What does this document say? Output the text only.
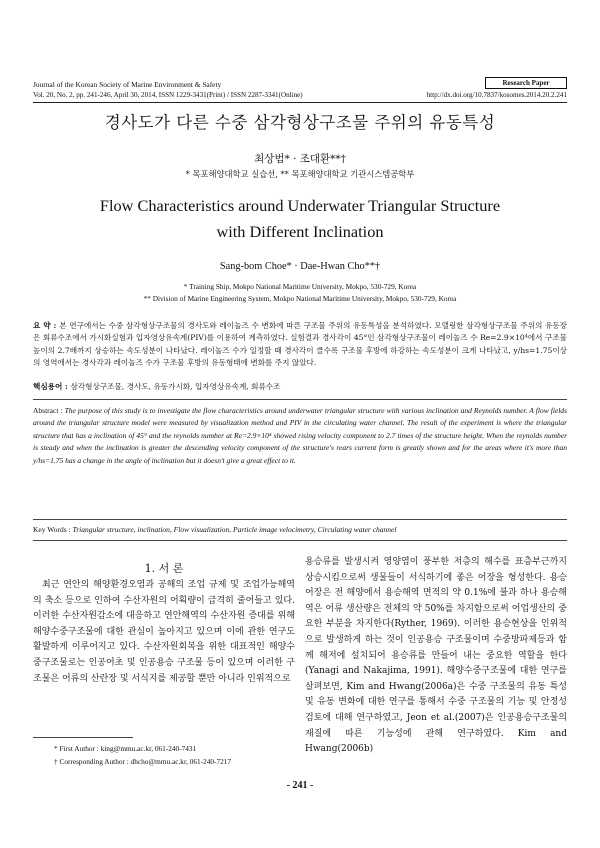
Journal of the Korean Society of Marine Environment & Safety
Vol. 20, No. 2, pp. 241-246, April 30, 2014, ISSN 1229-3431(Print) / ISSN 2287-3341(Online)	http://dx.doi.org/10.7837/kosomes.2014.20.2.241
Research Paper
경사도가 다른 수중 삼각형상구조물 주위의 유동특성
최상범* · 조대환**†
* 목포해양대학교 실습선, ** 목포해양대학교 기관시스템공학부
Flow Characteristics around Underwater Triangular Structure
with Different Inclination
Sang-bom Choe* · Dae-Hwan Cho**†
* Training Ship, Mokpo National Maritime University, Mokpo, 530-729, Korea
** Division of Marine Engineering System, Mokpo National Maritime University, Mokpo, 530-729, Korea
요 약 : 본 연구에서는 수중 삼각형상구조물의 경사도와 레이놀즈 수 변화에 따른 구조물 주위의 유동특성을 분석하였다. 모델링한 삼각형상구조물 주위의 유동장은 회류수조에서 가시화실험과 입자영상유속계(PIV)를 이용하여 계측하였다. 실험결과 경사각이 45°인 삼각형상구조물이 레이놀즈 수 Re=2.9×10⁴에서 구조물 높이의 2.7배까지 상승하는 속도성분이 나타났다. 레이놀즈 수가 일정할 때 경사각이 클수록 구조물 후방에 하강하는 속도성분이 크게 나타났고, y/hs=1.75이상의 영역에서는 경사각과 레이놀즈 수가 구조물 후방의 유동형태에 변화를 주지 않았다.
핵심용어 : 삼각형상구조물, 경사도, 유동가시화, 입자영상유속계, 회류수조
Abstract : The purpose of this study is to investigate the flow characteristics around underwater triangular structure with various inclination and Reynolds number. A flow fields around the triangular structure model were measured by visualization method and PIV in the circulating water channel. The result of the experiment is where the triangular structure that has a inclination of 45° and the reynolds number at Re=2.9×10⁴ showed rising velocity component to 2.7 times of the structure height. When the reynolds number is steady and when the inclination is greater the descending velocity component of the structure's rears current form is greatly shown and for the areas where it's more than y/hs=1.75 has a change in the angle of inclination but it doesn't give a great effect to it.
Key Words : Triangular structure, inclination, Flow visualization, Particle image velocimetry, Circulating water channel
1. 서 론

최근 연안의 해양환경오염과 공해의 조업 규제 및 조업가능해역의 축소 등으로 인하여 수산자원의 어획량이 급격히 줄어들고 있다. 이러한 수산자원감소에 대응하고 연안해역의 수산자원 증대를 위해 해양수중구조물에 대한 관심이 높아지고 있으며 이에 관한 연구도 활발하게 이루어지고 있다. 수산자원회복을 위한 대표적인 해양수중구조물로는 인공어초 및 인공용승 구조물 등이 있으며 이러한 구조물은 어류의 산란장 및 서식지를 제공할 뿐만 아니라 인위적으로

용승류를 발생시켜 영양염이 풍부한 저층의 해수를 표층부근까지 상승시킴으로써 생물들이 서식하기에 좋은 어장을 형성한다. 용승어장은 전 해양에서 용승해역 면적의 약 0.1%에 불과 하나 용승해역은 어류 생산량은 전체의 약 50%를 차지함으로써 어업생산의 중요한 부분을 차지한다(Ryther, 1969). 이러한 용승현상을 인위적으로 발생하게 하는 것이 인공용승 구조물이며 수중방파제등과 함께 해저에 설치되어 용승류를 만들어 내는 중요한 역할을 한다(Yanagi and Nakajima, 1991). 해양수중구조물에 대한 연구를 살펴보면, Kim and Hwang(2006a)은 수중 구조물의 유동 특성 및 유동 변화에 대한 연구를 통해서 수중 구조물의 기능 및 안정성 검토에 대해 연구하였고, Jeon et al.(2007)은 인공용승구조물의 재질에 따른 기능성에 관해 연구하였다. Kim and Hwang(2006b)

* First Author : king@mmu.ac.kr, 061-240-7431
† Corresponding Author : dhcho@mmu.ac.kr, 061-240-7217
- 241 -
